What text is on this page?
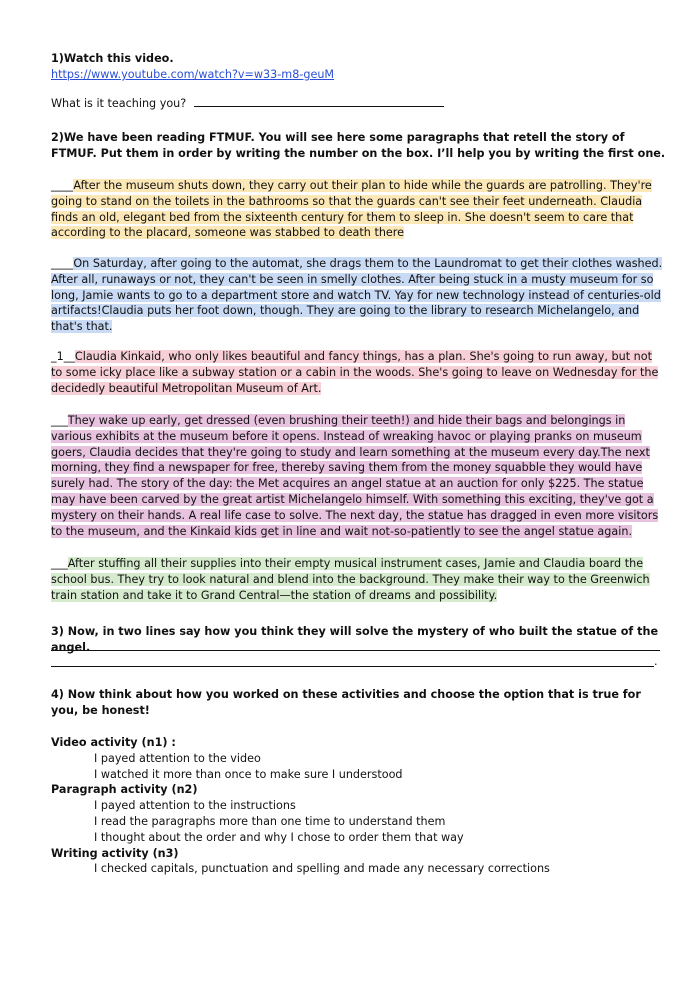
1)Watch this video.
https://www.youtube.com/watch?v=w33-m8-geuM
What is it teaching you?
2)We have been reading FTMUF. You will see here some paragraphs that retell the story of FTMUF. Put them in order by writing the number on the box. I’ll help you by writing the first one.
____After the museum shuts down, they carry out their plan to hide while the guards are patrolling. They're going to stand on the toilets in the bathrooms so that the guards can't see their feet underneath. Claudia finds an old, elegant bed from the sixteenth century for them to sleep in. She doesn't seem to care that according to the placard, someone was stabbed to death there
____On Saturday, after going to the automat, she drags them to the Laundromat to get their clothes washed. After all, runaways or not, they can't be seen in smelly clothes. After being stuck in a musty museum for so long, Jamie wants to go to a department store and watch TV. Yay for new technology instead of centuries-old artifacts!Claudia puts her foot down, though. They are going to the library to research Michelangelo, and that's that.
_1__Claudia Kinkaid, who only likes beautiful and fancy things, has a plan. She's going to run away, but not to some icky place like a subway station or a cabin in the woods. She's going to leave on Wednesday for the decidedly beautiful Metropolitan Museum of Art.
___They wake up early, get dressed (even brushing their teeth!) and hide their bags and belongings in various exhibits at the museum before it opens. Instead of wreaking havoc or playing pranks on museum goers, Claudia decides that they're going to study and learn something at the museum every day.The next morning, they find a newspaper for free, thereby saving them from the money squabble they would have surely had. The story of the day: the Met acquires an angel statue at an auction for only $225. The statue may have been carved by the great artist Michelangelo himself. With something this exciting, they've got a mystery on their hands. A real life case to solve. The next day, the statue has dragged in even more visitors to the museum, and the Kinkaid kids get in line and wait not-so-patiently to see the angel statue again.
___After stuffing all their supplies into their empty musical instrument cases, Jamie and Claudia board the school bus. They try to look natural and blend into the background. They make their way to the Greenwich train station and take it to Grand Central—the station of dreams and possibility.
3) Now, in two lines say how you think they will solve the mystery of who built the statue of the angel.
.
4) Now think about how you worked on these activities and choose the option that is true for you, be honest!
Video activity (n1) :
I payed attention to the video
I watched it more than once to make sure I understood
Paragraph activity (n2)
I payed attention to the instructions
I read the paragraphs more than one time to understand them
I thought about the order and why I chose to order them that way
Writing activity (n3)
I checked capitals, punctuation and spelling and made any necessary corrections
